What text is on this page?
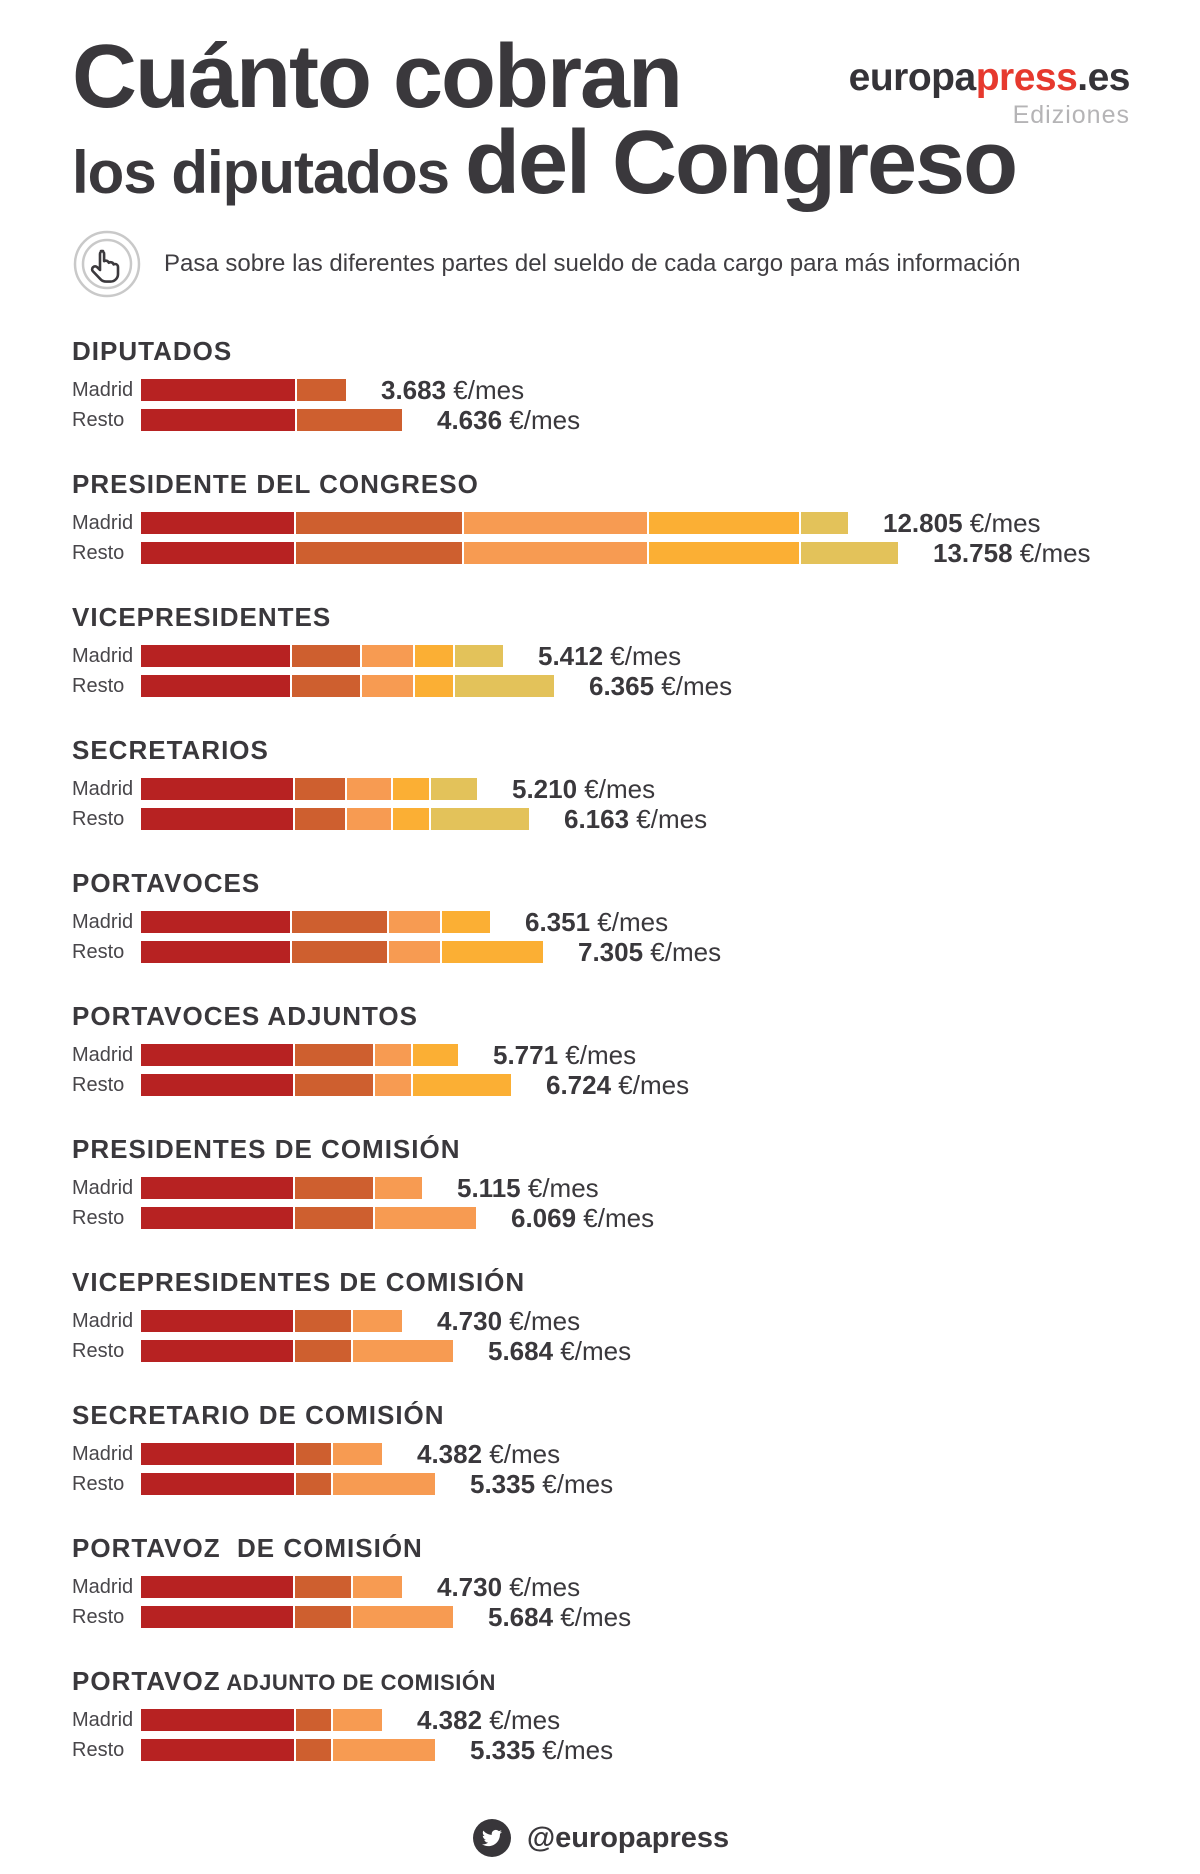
Cuánto cobran
los diputados del Congreso
europapress.es
Ediziones
Pasa sobre las diferentes partes del sueldo de cada cargo para más información
DIPUTADOS
Madrid	3.683 €/mes
Resto	4.636 €/mes
PRESIDENTE DEL CONGRESO
Madrid	12.805 €/mes
Resto	13.758 €/mes
VICEPRESIDENTES
Madrid	5.412 €/mes
Resto	6.365 €/mes
SECRETARIOS
Madrid	5.210 €/mes
Resto	6.163 €/mes
PORTAVOCES
Madrid	6.351 €/mes
Resto	7.305 €/mes
PORTAVOCES ADJUNTOS
Madrid	5.771 €/mes
Resto	6.724 €/mes
PRESIDENTES DE COMISIÓN
Madrid	5.115 €/mes
Resto	6.069 €/mes
VICEPRESIDENTES DE COMISIÓN
Madrid	4.730 €/mes
Resto	5.684 €/mes
SECRETARIO DE COMISIÓN
Madrid	4.382 €/mes
Resto	5.335 €/mes
PORTAVOZ  DE COMISIÓN
Madrid	4.730 €/mes
Resto	5.684 €/mes
PORTAVOZ ADJUNTO DE COMISIÓN
Madrid	4.382 €/mes
Resto	5.335 €/mes
@europapress
